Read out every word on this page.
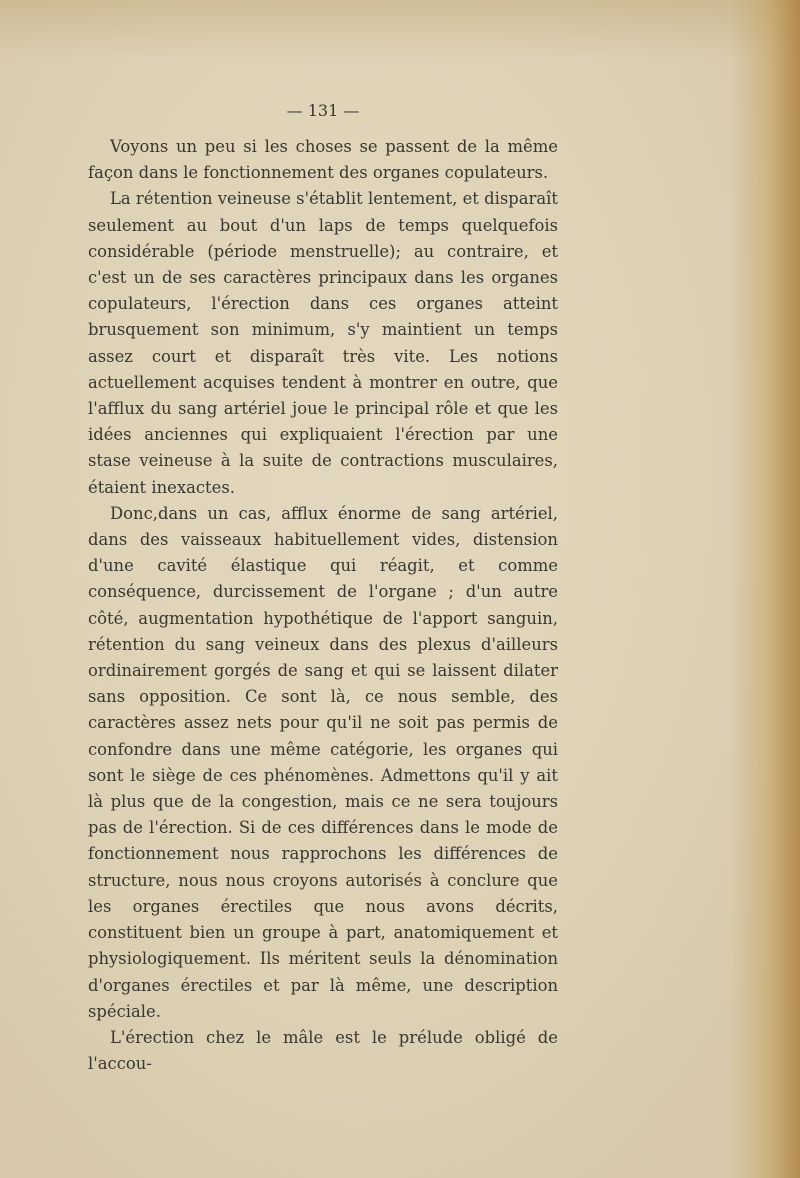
— 131 —

Voyons un peu si les choses se passent de la même façon dans le fonctionnement des organes copulateurs.

La rétention veineuse s'établit lentement, et disparaît seulement au bout d'un laps de temps quelquefois considérable (période menstruelle); au contraire, et c'est un de ses caractères principaux dans les organes copulateurs, l'érection dans ces organes atteint brusquement son minimum, s'y maintient un temps assez court et disparaît très vite. Les notions actuellement acquises tendent à montrer en outre, que l'afflux du sang artériel joue le principal rôle et que les idées anciennes qui expliquaient l'érection par une stase veineuse à la suite de contractions musculaires, étaient inexactes.

Donc,dans un cas, afflux énorme de sang artériel, dans des vaisseaux habituellement vides, distension d'une cavité élastique qui réagit, et comme conséquence, durcissement de l'organe ; d'un autre côté, augmentation hypothétique de l'apport sanguin, rétention du sang veineux dans des plexus d'ailleurs ordinairement gorgés de sang et qui se laissent dilater sans opposition. Ce sont là, ce nous semble, des caractères assez nets pour qu'il ne soit pas permis de confondre dans une même catégorie, les organes qui sont le siège de ces phénomènes. Admettons qu'il y ait là plus que de la congestion, mais ce ne sera toujours pas de l'érection. Si de ces différences dans le mode de fonctionnement nous rapprochons les différences de structure, nous nous croyons autorisés à conclure que les organes érectiles que nous avons décrits, constituent bien un groupe à part, anatomiquement et physiologiquement. Ils méritent seuls la dénomination d'organes érectiles et par là même, une description spéciale.

L'érection chez le mâle est le prélude obligé de l'accou-
